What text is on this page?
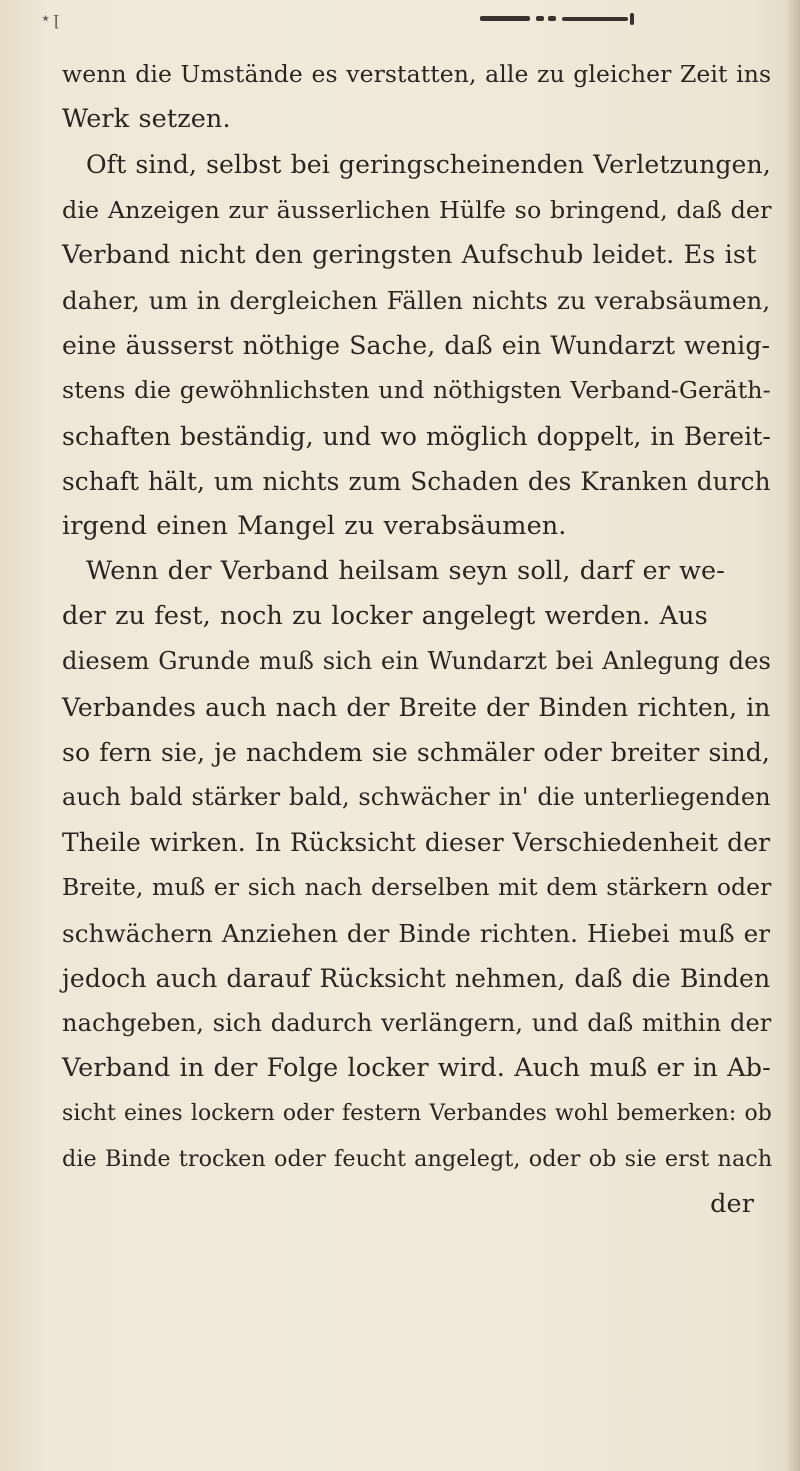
⋆ꞁ
wenn die Umstände es verstatten, alle zu gleicher Zeit ins
Werk setzen.
Oft sind, selbst bei geringscheinenden Verletzungen,
die Anzeigen zur äusserlichen Hülfe so bringend, daß der
Verband nicht den geringsten Aufschub leidet. Es ist
daher, um in dergleichen Fällen nichts zu verabsäumen,
eine äusserst nöthige Sache, daß ein Wundarzt wenig-
stens die gewöhnlichsten und nöthigsten Verband-Geräth-
schaften beständig, und wo möglich doppelt, in Bereit-
schaft hält, um nichts zum Schaden des Kranken durch
irgend einen Mangel zu verabsäumen.
Wenn der Verband heilsam seyn soll, darf er we-
der zu fest, noch zu locker angelegt werden. Aus
diesem Grunde muß sich ein Wundarzt bei Anlegung des
Verbandes auch nach der Breite der Binden richten, in
so fern sie, je nachdem sie schmäler oder breiter sind,
auch bald stärker bald, schwächer in' die unterliegenden
Theile wirken. In Rücksicht dieser Verschiedenheit der
Breite, muß er sich nach derselben mit dem stärkern oder
schwächern Anziehen der Binde richten. Hiebei muß er
jedoch auch darauf Rücksicht nehmen, daß die Binden
nachgeben, sich dadurch verlängern, und daß mithin der
Verband in der Folge locker wird. Auch muß er in Ab-
sicht eines lockern oder festern Verbandes wohl bemerken: ob
die Binde trocken oder feucht angelegt, oder ob sie erst nach
der
